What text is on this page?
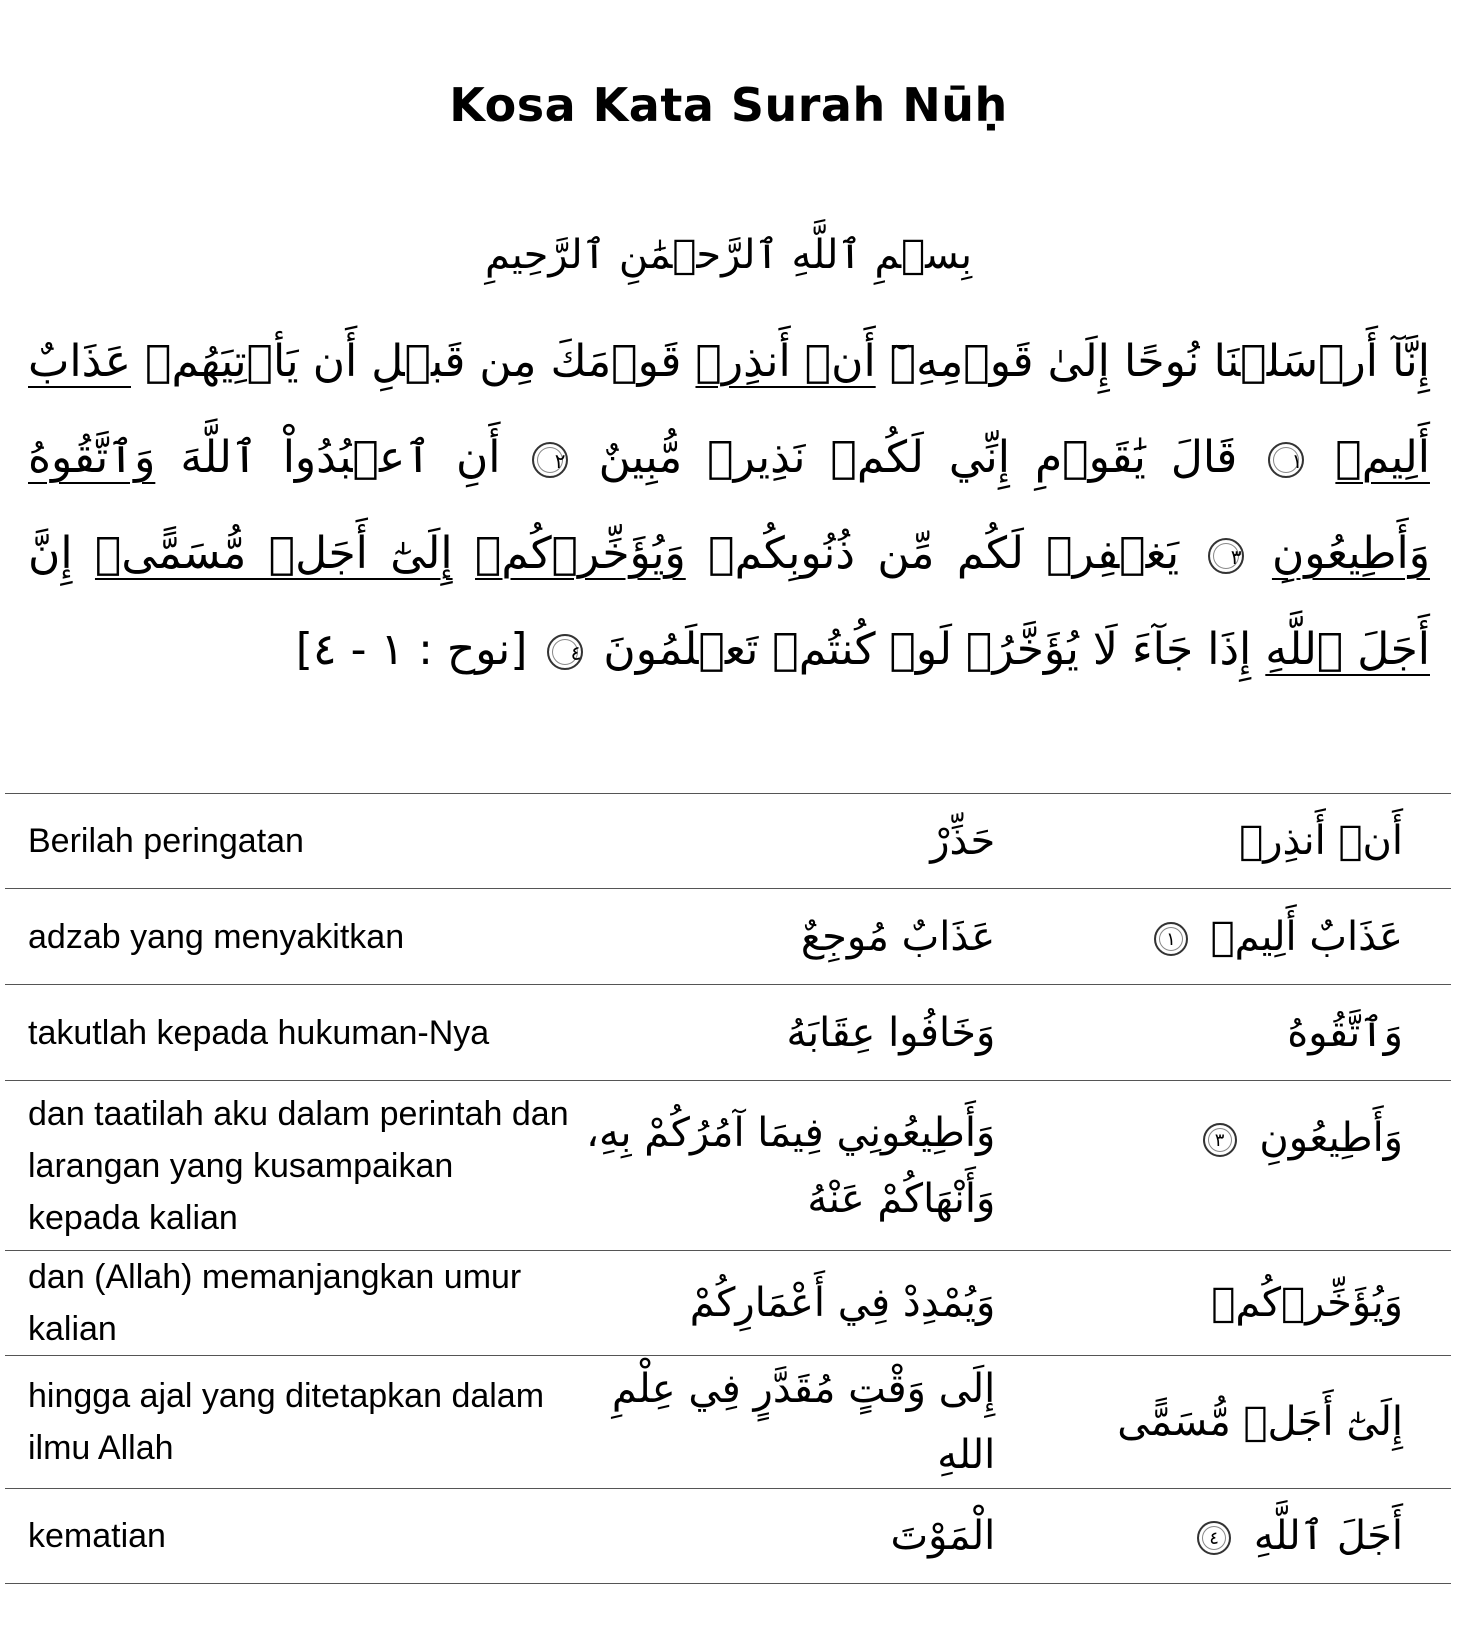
Kosa Kata Surah Nūḥ
بِسۡمِ ٱللَّهِ ٱلرَّحۡمَٰنِ ٱلرَّحِيمِ
إِنَّآ أَرۡسَلۡنَا نُوحًا إِلَىٰ قَوۡمِهِۦٓ أَنۡ أَنذِرۡ قَوۡمَكَ مِن قَبۡلِ أَن يَأۡتِيَهُمۡ عَذَابٌ أَلِيمٞ ١ قَالَ يَٰقَوۡمِ إِنِّي لَكُمۡ نَذِيرٞ مُّبِينٌ ٢ أَنِ ٱعۡبُدُواْ ٱللَّهَ وَٱتَّقُوهُ وَأَطِيعُونِ ٣ يَغۡفِرۡ لَكُم مِّن ذُنُوبِكُمۡ وَيُؤَخِّرۡكُمۡ إِلَىٰٓ أَجَلٖ مُّسَمًّىۚ إِنَّ أَجَلَ ٱللَّهِ إِذَا جَآءَ لَا يُؤَخَّرُۚ لَوۡ كُنتُمۡ تَعۡلَمُونَ ٤ [نوح : ١ - ٤]
Berilah peringatan	حَذِّرْ	أَنۡ أَنذِرۡ
adzab yang menyakitkan	عَذَابٌ مُوجِعٌ	عَذَابٌ أَلِيمٞ ١
takutlah kepada hukuman-Nya	وَخَافُوا عِقَابَهُ	وَٱتَّقُوهُ
dan taatilah aku dalam perintah dan larangan yang kusampaikan kepada kalian	وَأَطِيعُونِي فِيمَا آمُرُكُمْ بِهِ، وَأَنْهَاكُمْ عَنْهُ	وَأَطِيعُونِ ٣
dan (Allah) memanjangkan umur kalian	وَيُمْدِدْ فِي أَعْمَارِكُمْ	وَيُؤَخِّرۡكُمۡ
hingga ajal yang ditetapkan dalam ilmu Allah	إِلَى وَقْتٍ مُقَدَّرٍ فِي عِلْمِ اللهِ	إِلَىٰٓ أَجَلٖ مُّسَمًّى
kematian	الْمَوْتَ	أَجَلَ ٱللَّهِ ٤
